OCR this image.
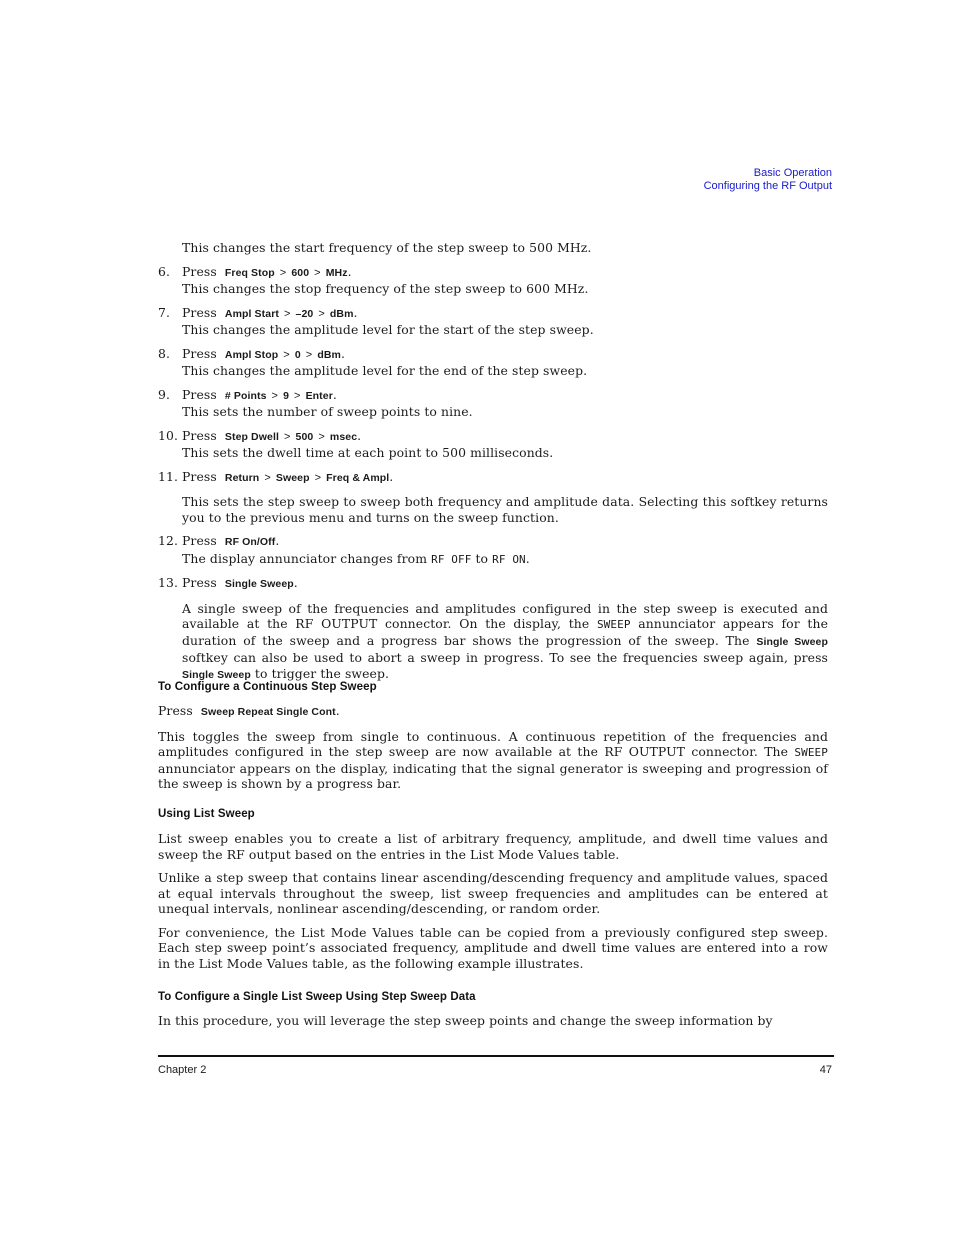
Basic Operation
Configuring the RF Output
This changes the start frequency of the step sweep to 500 MHz.
6. Press Freq Stop > 600 > MHz.
This changes the stop frequency of the step sweep to 600 MHz.
7. Press Ampl Start > –20 > dBm.
This changes the amplitude level for the start of the step sweep.
8. Press Ampl Stop > 0 > dBm.
This changes the amplitude level for the end of the step sweep.
9. Press # Points > 9 > Enter.
This sets the number of sweep points to nine.
10. Press Step Dwell > 500 > msec.
This sets the dwell time at each point to 500 milliseconds.
11. Press Return > Sweep > Freq & Ampl.
This sets the step sweep to sweep both frequency and amplitude data. Selecting this softkey returns you to the previous menu and turns on the sweep function.
12. Press RF On/Off.
The display annunciator changes from RF OFF to RF ON.
13. Press Single Sweep.
A single sweep of the frequencies and amplitudes configured in the step sweep is executed and available at the RF OUTPUT connector. On the display, the SWEEP annunciator appears for the duration of the sweep and a progress bar shows the progression of the sweep. The Single Sweep softkey can also be used to abort a sweep in progress. To see the frequencies sweep again, press Single Sweep to trigger the sweep.
To Configure a Continuous Step Sweep
Press Sweep Repeat Single Cont.

This toggles the sweep from single to continuous. A continuous repetition of the frequencies and amplitudes configured in the step sweep are now available at the RF OUTPUT connector. The SWEEP annunciator appears on the display, indicating that the signal generator is sweeping and progression of the sweep is shown by a progress bar.

Using List Sweep

List sweep enables you to create a list of arbitrary frequency, amplitude, and dwell time values and sweep the RF output based on the entries in the List Mode Values table.

Unlike a step sweep that contains linear ascending/descending frequency and amplitude values, spaced at equal intervals throughout the sweep, list sweep frequencies and amplitudes can be entered at unequal intervals, nonlinear ascending/descending, or random order.

For convenience, the List Mode Values table can be copied from a previously configured step sweep. Each step sweep point’s associated frequency, amplitude and dwell time values are entered into a row in the List Mode Values table, as the following example illustrates.

To Configure a Single List Sweep Using Step Sweep Data

In this procedure, you will leverage the step sweep points and change the sweep information by

Chapter 2	47
